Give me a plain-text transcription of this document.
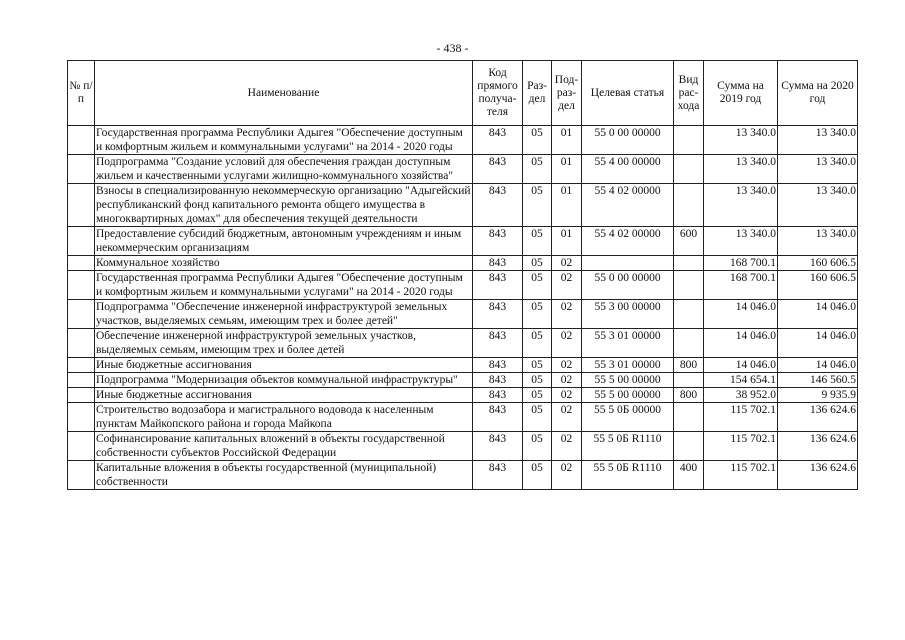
- 438 -
№ п/п	Наименование	Код прямого получа-теля	Раз-дел	Под-раз-дел	Целевая статья	Вид рас-хода	Сумма на 2019 год	Сумма на 2020 год
	Государственная программа Республики Адыгея "Обеспечение доступным и комфортным жильем и коммунальными услугами" на 2014 - 2020 годы	843	05	01	55 0 00 00000		13 340.0	13 340.0
	Подпрограмма "Создание условий для обеспечения граждан доступным жильем и качественными услугами жилищно-коммунального хозяйства"	843	05	01	55 4 00 00000		13 340.0	13 340.0
	Взносы в специализированную некоммерческую организацию "Адыгейский республиканский фонд капитального ремонта общего имущества в многоквартирных домах" для обеспечения текущей деятельности	843	05	01	55 4 02 00000		13 340.0	13 340.0
	Предоставление субсидий бюджетным, автономным учреждениям и иным некоммерческим организациям	843	05	01	55 4 02 00000	600	13 340.0	13 340.0
	Коммунальное хозяйство	843	05	02			168 700.1	160 606.5
	Государственная программа Республики Адыгея "Обеспечение доступным и комфортным жильем и коммунальными услугами" на 2014 - 2020 годы	843	05	02	55 0 00 00000		168 700.1	160 606.5
	Подпрограмма "Обеспечение инженерной инфраструктурой земельных участков, выделяемых семьям, имеющим трех и более детей"	843	05	02	55 3 00 00000		14 046.0	14 046.0
	Обеспечение инженерной инфраструктурой земельных участков, выделяемых семьям, имеющим трех и более детей	843	05	02	55 3 01 00000		14 046.0	14 046.0
	Иные бюджетные ассигнования	843	05	02	55 3 01 00000	800	14 046.0	14 046.0
	Подпрограмма "Модернизация объектов коммунальной инфраструктуры"	843	05	02	55 5 00 00000		154 654.1	146 560.5
	Иные бюджетные ассигнования	843	05	02	55 5 00 00000	800	38 952.0	9 935.9
	Строительство водозабора и магистрального водовода к населенным пунктам Майкопского района и города Майкопа	843	05	02	55 5 0Б 00000		115 702.1	136 624.6
	Софинансирование капитальных вложений в объекты государственной собственности субъектов Российской Федерации	843	05	02	55 5 0Б R1110		115 702.1	136 624.6
	Капитальные вложения в объекты государственной (муниципальной) собственности	843	05	02	55 5 0Б R1110	400	115 702.1	136 624.6
